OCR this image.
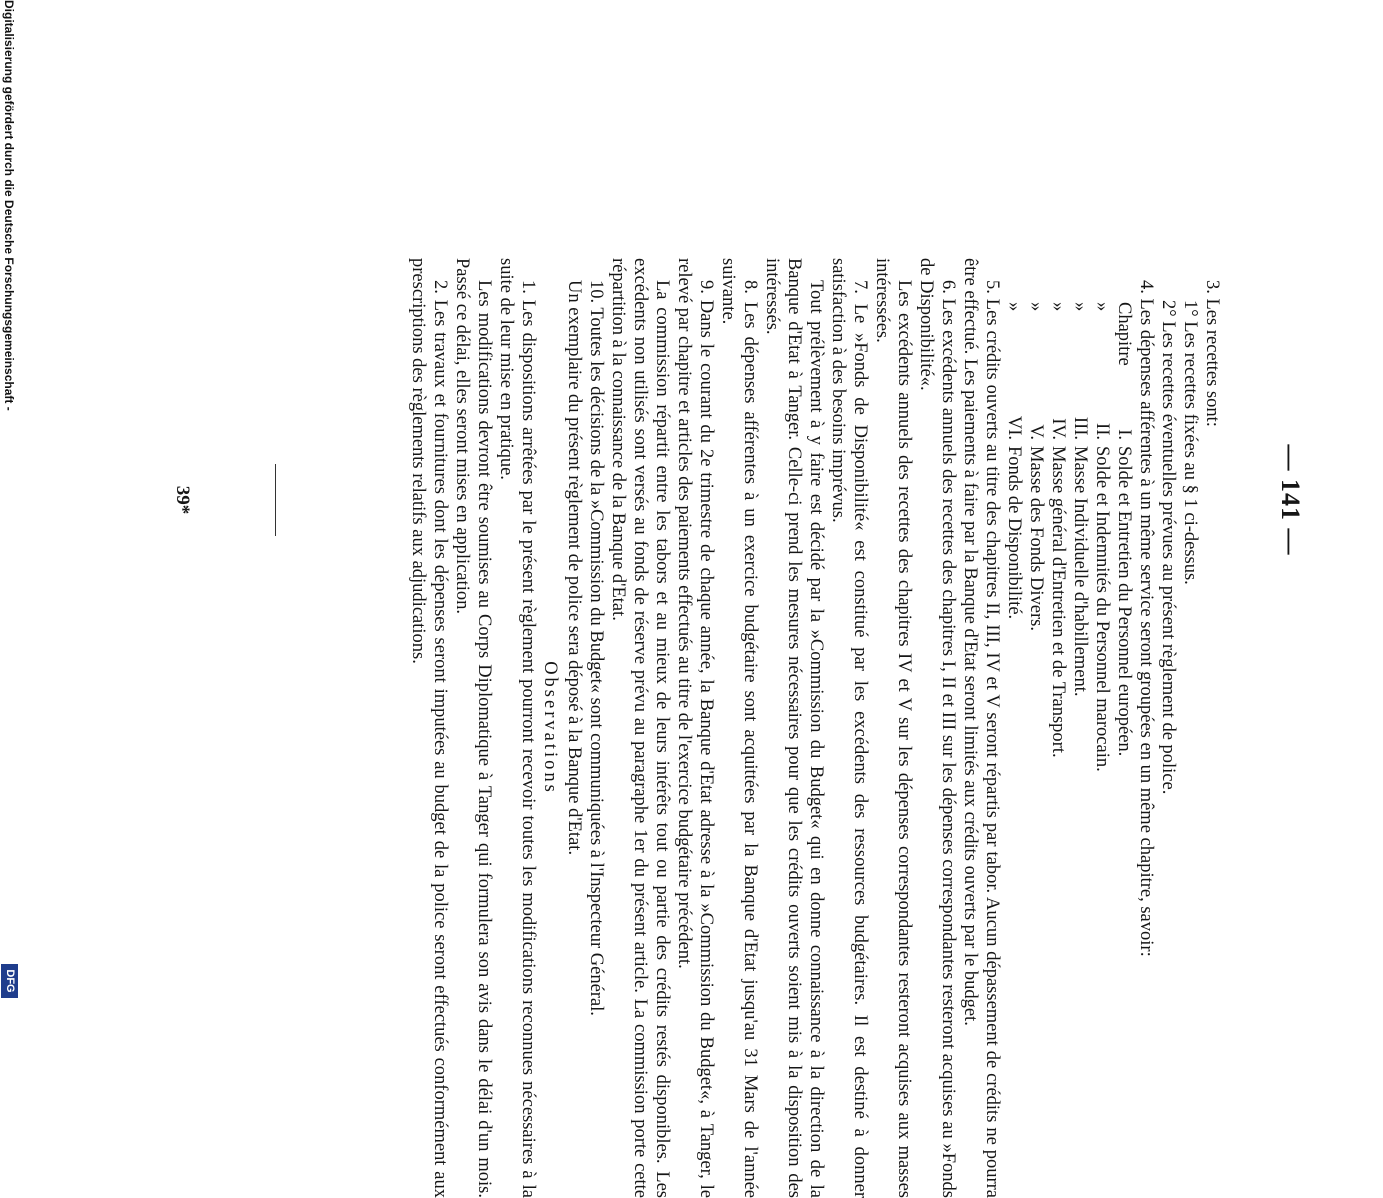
— 141 —

3. Les recettes sont:

1° Les recettes fixées au § 1 ci-dessus.

2° Les recettes éventuelles prévues au présent règlement de police.

4. Les dépenses afférentes à un même service seront groupées en un même chapitre, savoir:

Chapitre
I.
Solde et Entretien du Personnel européen.
»
II.
Solde et Indemnités du Personnel marocain.
»
III.
Masse Individuelle d'habillement.
»
IV.
Masse général d'Entretien et de Transport.
»
V.
Masse des Fonds Divers.
»
VI.
Fonds de Disponibilité.

5. Les crédits ouverts au titre des chapitres II, III, IV et V seront répartis par tabor. Aucun dépassement de crédits ne pourra être effectué. Les paiements à faire par la Banque d'Etat seront limités aux crédits ouverts par le budget.

6. Les excédents annuels des recettes des chapitres I, II et III sur les dépenses correspondantes resteront acquises au »Fonds de Disponibilité«.

Les excédents annuels des recettes des chapitres IV et V sur les dépenses correspondantes resteront acquises aux masses intéressées.

7. Le »Fonds de Disponibilité« est constitué par les excédents des ressources budgétaires. Il est destiné à donner satisfaction à des besoins imprévus.

Tout prélèvement à y faire est décidé par la »Commission du Budget« qui en donne connaissance à la direction de la Banque d'Etat à Tanger. Celle-ci prend les mesures nécessaires pour que les crédits ouverts soient mis à la disposition des intéressés.

8. Les dépenses afférentes à un exercice budgétaire sont acquittées par la Banque d'Etat jusqu'au 31 Mars de l'année suivante.

9. Dans le courant du 2e trimestre de chaque année, la Banque d'Etat adresse à la »Commission du Budget«, à Tanger, le relevé par chapitre et articles des paiements effectués au titre de l'exercice budgétaire précédent.

La commission répartit entre les tabors et au mieux de leurs intérêts tout ou partie des crédits restés disponibles. Les excédents non utilisés sont versés au fonds de réserve prévu au paragraphe 1er du présent article. La commission porte cette répartition à la connaissance de la Banque d'Etat.

10. Toutes les décisions de la »Commission du Budget« sont communiquées à l'Inspecteur Général.

Un exemplaire du présent règlement de police sera déposé à la Banque d'Etat.

Observations

1. Les dispositions arrêtées par le présent règlement pourront recevoir toutes les modifications reconnues nécessaires à la suite de leur mise en pratique.

Les modifications devront être soumises au Corps Diplomatique à Tanger qui formulera son avis dans le délai d'un mois. Passé ce délai, elles seront mises en application.

2. Les travaux et fournitures dont les dépenses seront imputées au budget de la police seront effectués conformément aux prescriptions des règlements relatifs aux adjudications.

39*
Digitalisierung gefördert durch die Deutsche Forschungsgemeinschaft -
DFG
